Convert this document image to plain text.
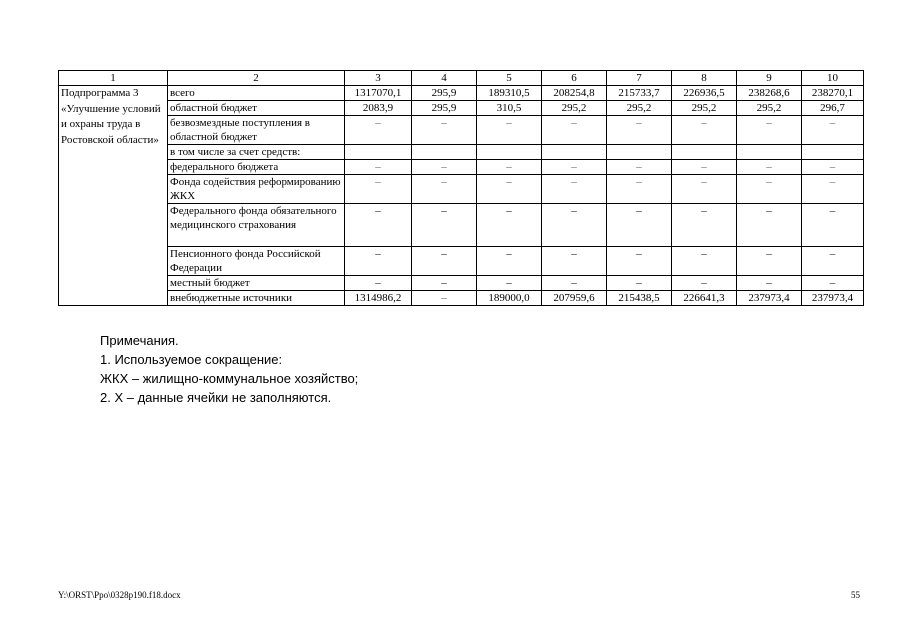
1	2	3	4	5	6	7	8	9	10
Подпрограмма 3 «Улучшение условий и охраны труда в Ростовской области»	всего	1317070,1	295,9	189310,5	208254,8	215733,7	226936,5	238268,6	238270,1
	областной бюджет	2083,9	295,9	310,5	295,2	295,2	295,2	295,2	296,7
	безвозмездные поступления в областной бюджет	–	–	–	–	–	–	–	–
	в том числе за счет средств:								
	федерального бюджета	–	–	–	–	–	–	–	–
	Фонда содействия реформированию ЖКХ	–	–	–	–	–	–	–	–
	Федерального фонда обязательного медицинского страхования	–	–	–	–	–	–	–	–
	Пенсионного фонда Российской Федерации	–	–	–	–	–	–	–	–
	местный бюджет	–	–	–	–	–	–	–	–
	внебюджетные источники	1314986,2	–	189000,0	207959,6	215438,5	226641,3	237973,4	237973,4
Примечания.
1. Используемое сокращение:
ЖКХ – жилищно-коммунальное хозяйство;
2. Х – данные ячейки не заполняются.
Y:\ORST\Ppo\0328p190.f18.docx	55
